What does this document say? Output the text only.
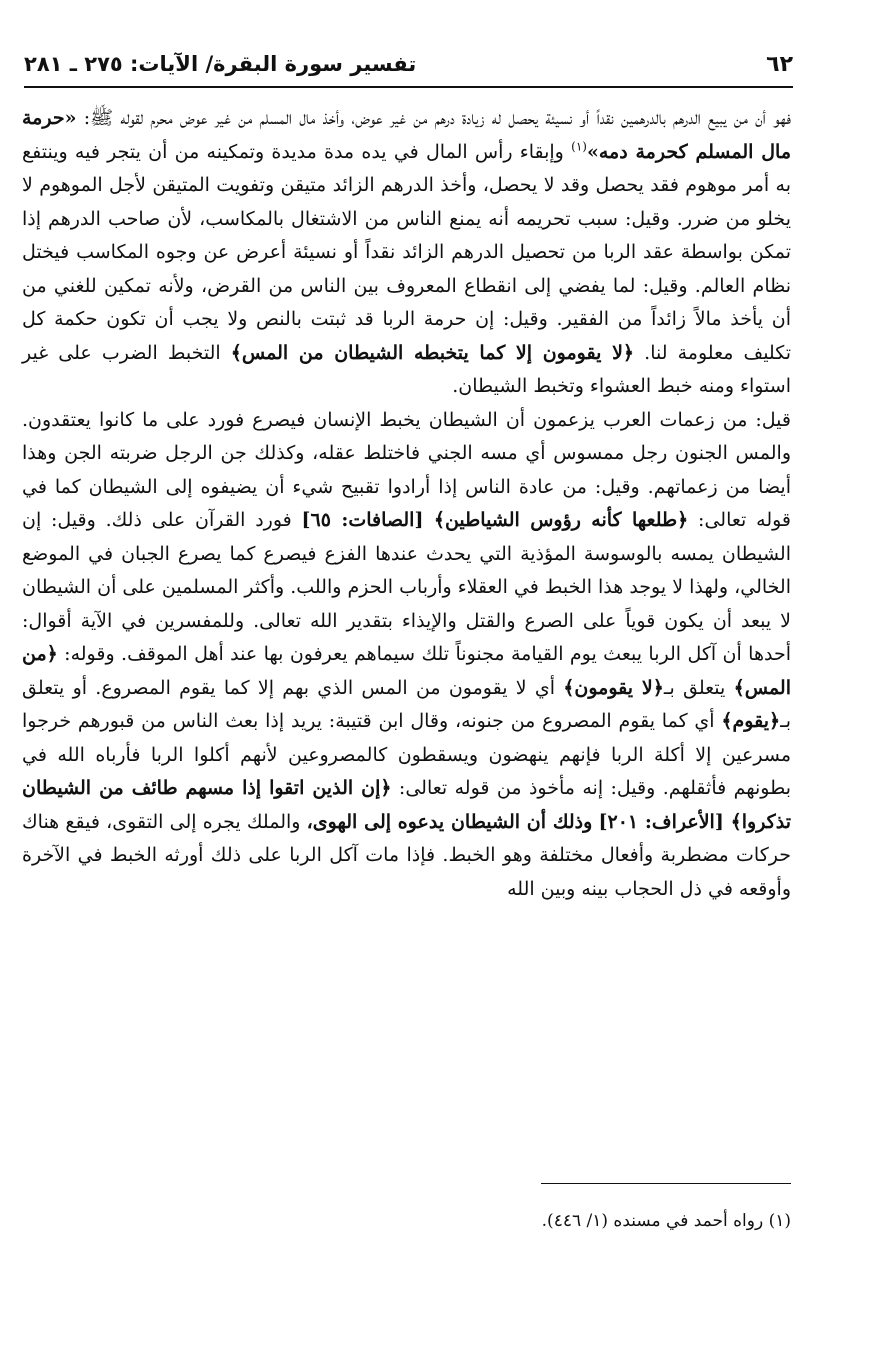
٦٢
تفسير سورة البقرة/ الآيات: ٢٧٥ ـ ٢٨١

فهو أن من يبيع الدرهم بالدرهمين نقداً أو نسيئة يحصل له زيادة درهم من غير عوض، وأخذ مال المسلم من غير عوض محرم لقوله ﷺ: «حرمة مال المسلم كحرمة دمه»$^{(١)}$ وإبقاء رأس المال في يده مدة مديدة وتمكينه من أن يتجر فيه وينتفع به أمر موهوم فقد يحصل وقد لا يحصل، وأخذ الدرهم الزائد متيقن وتفويت المتيقن لأجل الموهوم لا يخلو من ضرر. وقيل: سبب تحريمه أنه يمنع الناس من الاشتغال بالمكاسب، لأن صاحب الدرهم إذا تمكن بواسطة عقد الربا من تحصيل الدرهم الزائد نقداً أو نسيئة أعرض عن وجوه المكاسب فيختل نظام العالم. وقيل: لما يفضي إلى انقطاع المعروف بين الناس من القرض، ولأنه تمكين للغني من أن يأخذ مالاً زائداً من الفقير. وقيل: إن حرمة الربا قد ثبتت بالنص ولا يجب أن تكون حكمة كل تكليف معلومة لنا. ﴿لا يقومون إلا كما يتخبطه الشيطان من المس﴾ التخبط الضرب على غير استواء ومنه خبط العشواء وتخبط الشيطان.

قيل: من زعمات العرب يزعمون أن الشيطان يخبط الإنسان فيصرع فورد على ما كانوا يعتقدون. والمس الجنون رجل ممسوس أي مسه الجني فاختلط عقله، وكذلك جن الرجل ضربته الجن وهذا أيضا من زعماتهم. وقيل: من عادة الناس إذا أرادوا تقبيح شيء أن يضيفوه إلى الشيطان كما في قوله تعالى: ﴿طلعها كأنه رؤوس الشياطين﴾ [الصافات: ٦٥] فورد القرآن على ذلك. وقيل: إن الشيطان يمسه بالوسوسة المؤذية التي يحدث عندها الفزع فيصرع كما يصرع الجبان في الموضع الخالي، ولهذا لا يوجد هذا الخبط في العقلاء وأرباب الحزم واللب. وأكثر المسلمين على أن الشيطان لا يبعد أن يكون قوياً على الصرع والقتل والإيذاء بتقدير الله تعالى. وللمفسرين في الآية أقوال: أحدها أن آكل الربا يبعث يوم القيامة مجنوناً تلك سيماهم يعرفون بها عند أهل الموقف. وقوله: ﴿من المس﴾ يتعلق بـ﴿لا يقومون﴾ أي لا يقومون من المس الذي بهم إلا كما يقوم المصروع. أو يتعلق بـ﴿يقوم﴾ أي كما يقوم المصروع من جنونه، وقال ابن قتيبة: يريد إذا بعث الناس من قبورهم خرجوا مسرعين إلا أكلة الربا فإنهم ينهضون ويسقطون كالمصروعين لأنهم أكلوا الربا فأرباه الله في بطونهم فأثقلهم. وقيل: إنه مأخوذ من قوله تعالى: ﴿إن الذين اتقوا إذا مسهم طائف من الشيطان تذكروا﴾ [الأعراف: ٢٠١] وذلك أن الشيطان يدعوه إلى الهوى، والملك يجره إلى التقوى، فيقع هناك حركات مضطربة وأفعال مختلفة وهو الخبط. فإذا مات آكل الربا على ذلك أورثه الخبط في الآخرة وأوقعه في ذل الحجاب بينه وبين الله

(١) رواه أحمد في مسنده (١/ ٤٤٦).
